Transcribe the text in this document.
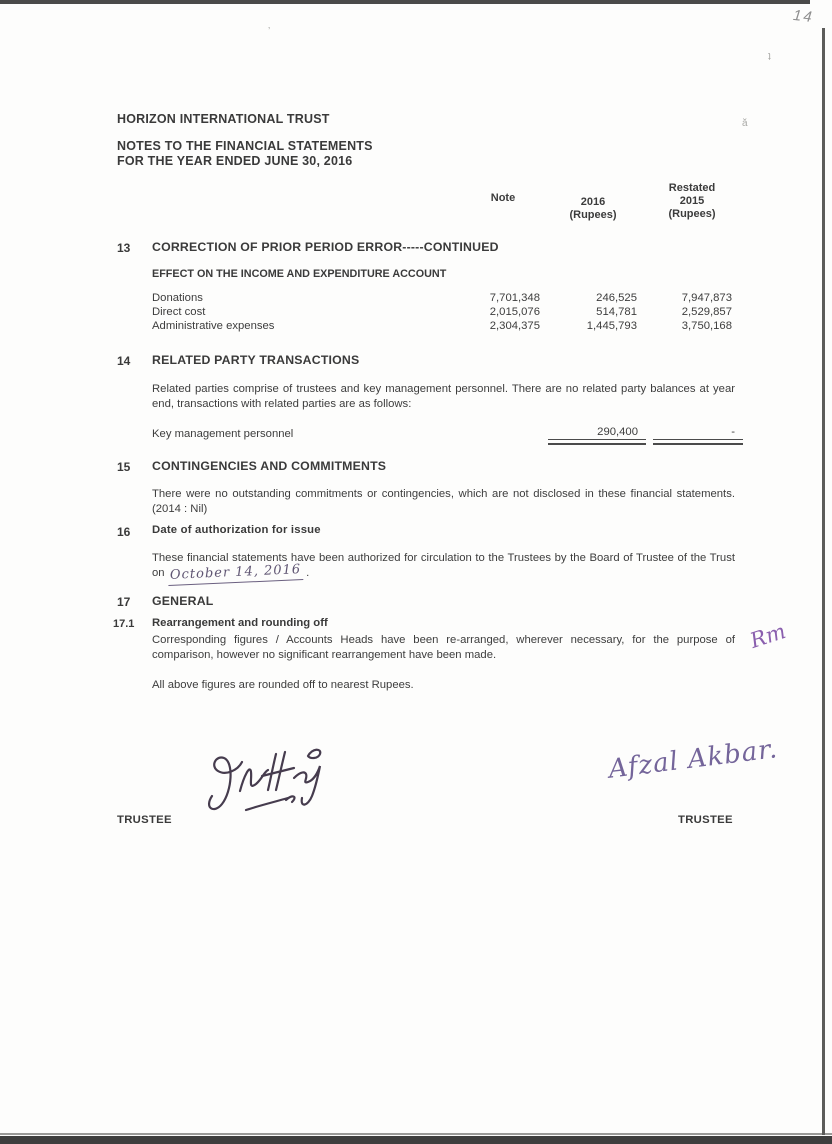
’
ʇ
ӑ
14
HORIZON INTERNATIONAL TRUST
NOTES TO THE FINANCIAL STATEMENTS
FOR THE YEAR ENDED JUNE 30, 2016
Note	2016
(Rupees)
Restated
2015
(Rupees)
13 CORRECTION OF PRIOR PERIOD ERROR-----CONTINUED
EFFECT ON THE INCOME AND EXPENDITURE ACCOUNT
Donations	7,701,348	246,525	7,947,873
Direct cost	2,015,076	514,781	2,529,857
Administrative expenses	2,304,375	1,445,793	3,750,168
14 RELATED PARTY TRANSACTIONS
Related parties comprise of trustees and key management personnel. There are no related party balances at year end, transactions with related parties are as follows:
Key management personnel	290,400	-
15 CONTINGENCIES AND COMMITMENTS
There were no outstanding commitments or contingencies, which are not disclosed in these financial statements. (2014 : Nil)
16 Date of authorization for issue
These financial statements have been authorized for circulation to the Trustees by the Board of Trustee of the Trust on October 14, 2016 .
17 GENERAL
17.1 Rearrangement and rounding off
Corresponding figures / Accounts Heads have been re-arranged, wherever necessary, for the purpose of comparison, however no significant rearrangement have been made.
Rm
All above figures are rounded off to nearest Rupees.
Afzal Akbar.
TRUSTEE	TRUSTEE
